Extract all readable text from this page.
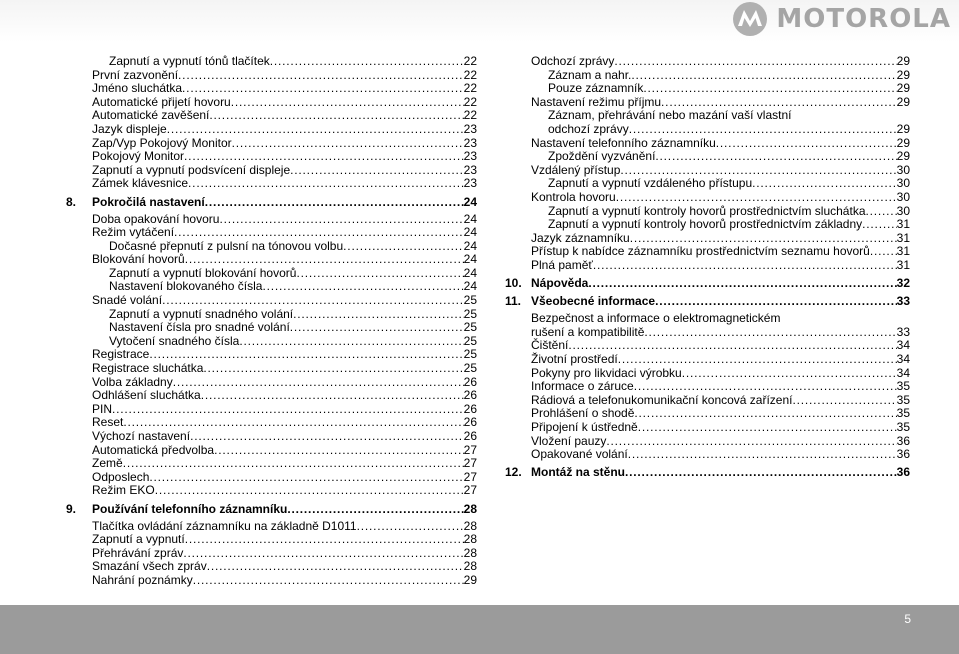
MOTOROLA
Zapnutí a vypnutí tónů tlačítek .....	22
První zazvonění .....	22
Jméno sluchátka .....	22
Automatické přijetí hovoru .....	22
Automatické zavěšení .....	22
Jazyk displeje .....	23
Zap/Vyp Pokojový Monitor .....	23
Pokojový Monitor .....	23
Zapnutí a vypnutí podsvícení displeje .....	23
Zámek klávesnice .....	23
8.	Pokročilá nastavení .....	24
Doba opakování hovoru .....	24
Režim vytáčení .....	24
Dočasné přepnutí z pulsní na tónovou volbu .....	24
Blokování hovorů .....	24
Zapnutí a vypnutí blokování hovorů .....	24
Nastavení blokovaného čísla .....	24
Snadé volání .....	25
Zapnutí a vypnutí snadného volání .....	25
Nastavení čísla pro snadné volání .....	25
Vytočení snadného čísla .....	25
Registrace .....	25
Registrace sluchátka .....	25
Volba základny .....	26
Odhlášení sluchátka .....	26
PIN .....	26
Reset .....	26
Výchozí nastavení .....	26
Automatická předvolba .....	27
Země .....	27
Odposlech .....	27
Režim EKO .....	27
9.	Používání telefonního záznamníku .....	28
Tlačítka ovládání záznamníku na základně D1011 .....	28
Zapnutí a vypnutí .....	28
Přehrávání zpráv .....	28
Smazání všech zpráv .....	28
Nahrání poznámky .....	29
Odchozí zprávy .....	29
Záznam a nahr. .....	29
Pouze záznamník .....	29
Nastavení režimu příjmu .....	29
Záznam, přehrávání nebo mazání vaší vlastní
odchozí zprávy .....	29
Nastavení telefonního záznamníku .....	29
Zpoždění vyzvánění .....	29
Vzdálený přístup .....	30
Zapnutí a vypnutí vzdáleného přístupu .....	30
Kontrola hovoru .....	30
Zapnutí a vypnutí kontroly hovorů prostřednictvím sluchátka .....	30
Zapnutí a vypnutí kontroly hovorů prostřednictvím základny .....	31
Jazyk záznamníku .....	31
Přístup k nabídce záznamníku prostřednictvím seznamu hovorů ..... 31
Plná paměť .....	31
10. Nápověda .....	32
11. Všeobecné informace .....	33
Bezpečnost a informace o elektromagnetickém
rušení a kompatibilitě .....	33
Čištění .....	34
Životní prostředí .....	34
Pokyny pro likvidaci výrobku .....	34
Informace o záruce .....	35
Rádiová a telefonukomunikační koncová zařízení .....	35
Prohlášení o shodě .....	35
Připojení k ústředně .....	35
Vložení pauzy .....	36
Opakované volání .....	36
12. Montáž na stěnu .....	36
5
